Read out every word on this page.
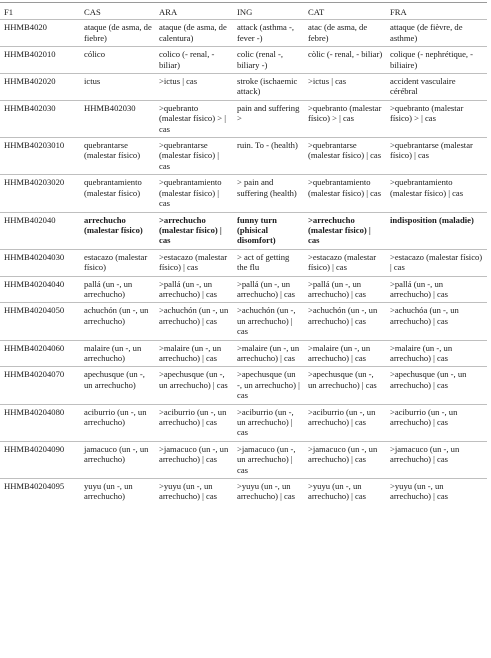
F1	CAS	ARA	ING	CAT	FRA
HHMB4020	ataque (de asma, de fiebre)	ataque (de asma, de calentura)	attack (asthma -, fever -)	atac (de asma, de febre)	attaque (de fièvre, de asthme)
HHMB402010	cólico	colico (- renal, - biliar)	colic (renal -, biliary -)	còlic (- renal, - biliar)	colique (- nephrétique, - biliaire)
HHMB402020	ictus	>ictus | cas	stroke (ischaemic attack)	>ictus | cas	accident vasculaire cérébral
HHMB402030	HHMB402030	>quebranto (malestar físico) > | cas	pain and suffering >	>quebranto (malestar físico) > | cas	>quebranto (malestar físico) > | cas
HHMB40203010	quebrantarse (malestar físico)	>quebrantarse (malestar físico) | cas	ruin. To - (health)	>quebrantarse (malestar físico) | cas	>quebrantarse (malestar físico) | cas
HHMB40203020	quebrantamiento (malestar físico)	>quebrantamiento (malestar físico) | cas	> pain and suffering (health)	>quebrantamiento (malestar físico) | cas	>quebrantamiento (malestar físico) | cas
HHMB402040	arrechucho (malestar físico)	>arrechucho (malestar físico) | cas	funny turn (phisical disomfort)	>arrechucho (malestar físico) | cas	indisposition (maladie)
HHMB40204030	estacazo (malestar físico)	>estacazo (malestar físico) | cas	> act of getting the flu	>estacazo (malestar físico) | cas	>estacazo (malestar físico) | cas
HHMB40204040	pallá (un -, un arrechucho)	>pallá (un -, un arrechucho) | cas	>pallá (un -, un arrechucho) | cas	>pallá (un -, un arrechucho) | cas	>pallá (un -, un arrechucho) | cas
HHMB40204050	achuchón (un -, un arrechucho)	>achuchón (un -, un arrechucho) | cas	>achuchón (un -, un arrechucho) | cas	>achuchón (un -, un arrechucho) | cas	>achuchóa (un -, un arrechucho) | cas
HHMB40204060	malaire (un -, un arrechucho)	>malaire (un -, un arrechucho) | cas	>malaire (un -, un arrechucho) | cas	>malaire (un -, un arrechucho) | cas	>malaire (un -, un arrechucho) | cas
HHMB40204070	apechusque (un -, un arrechucho)	>apechusque (un -, un arrechucho) | cas	>apechusque (un -, un arrechucho) | cas	>apechusque (un -, un arrechucho) | cas	>apechusque (un -, un arrechucho) | cas
HHMB40204080	aciburrio (un -, un arrechucho)	>aciburrio (un -, un arrechucho) | cas	>aciburrio (un -, un arrechucho) | cas	>aciburrio (un -, un arrechucho) | cas	>aciburrio (un -, un arrechucho) | cas
HHMB40204090	jamacuco (un -, un arrechucho)	>jamacuco (un -, un arrechucho) | cas	>jamacuco (un -, un arrechucho) | cas	>jamacuco (un -, un arrechucho) | cas	>jamacuco (un -, un arrechucho) | cas
HHMB40204095	yuyu (un -, un arrechucho)	>yuyu (un -, un arrechucho) | cas	>yuyu (un -, un arrechucho) | cas	>yuyu (un -, un arrechucho) | cas	>yuyu (un -, un arrechucho) | cas
